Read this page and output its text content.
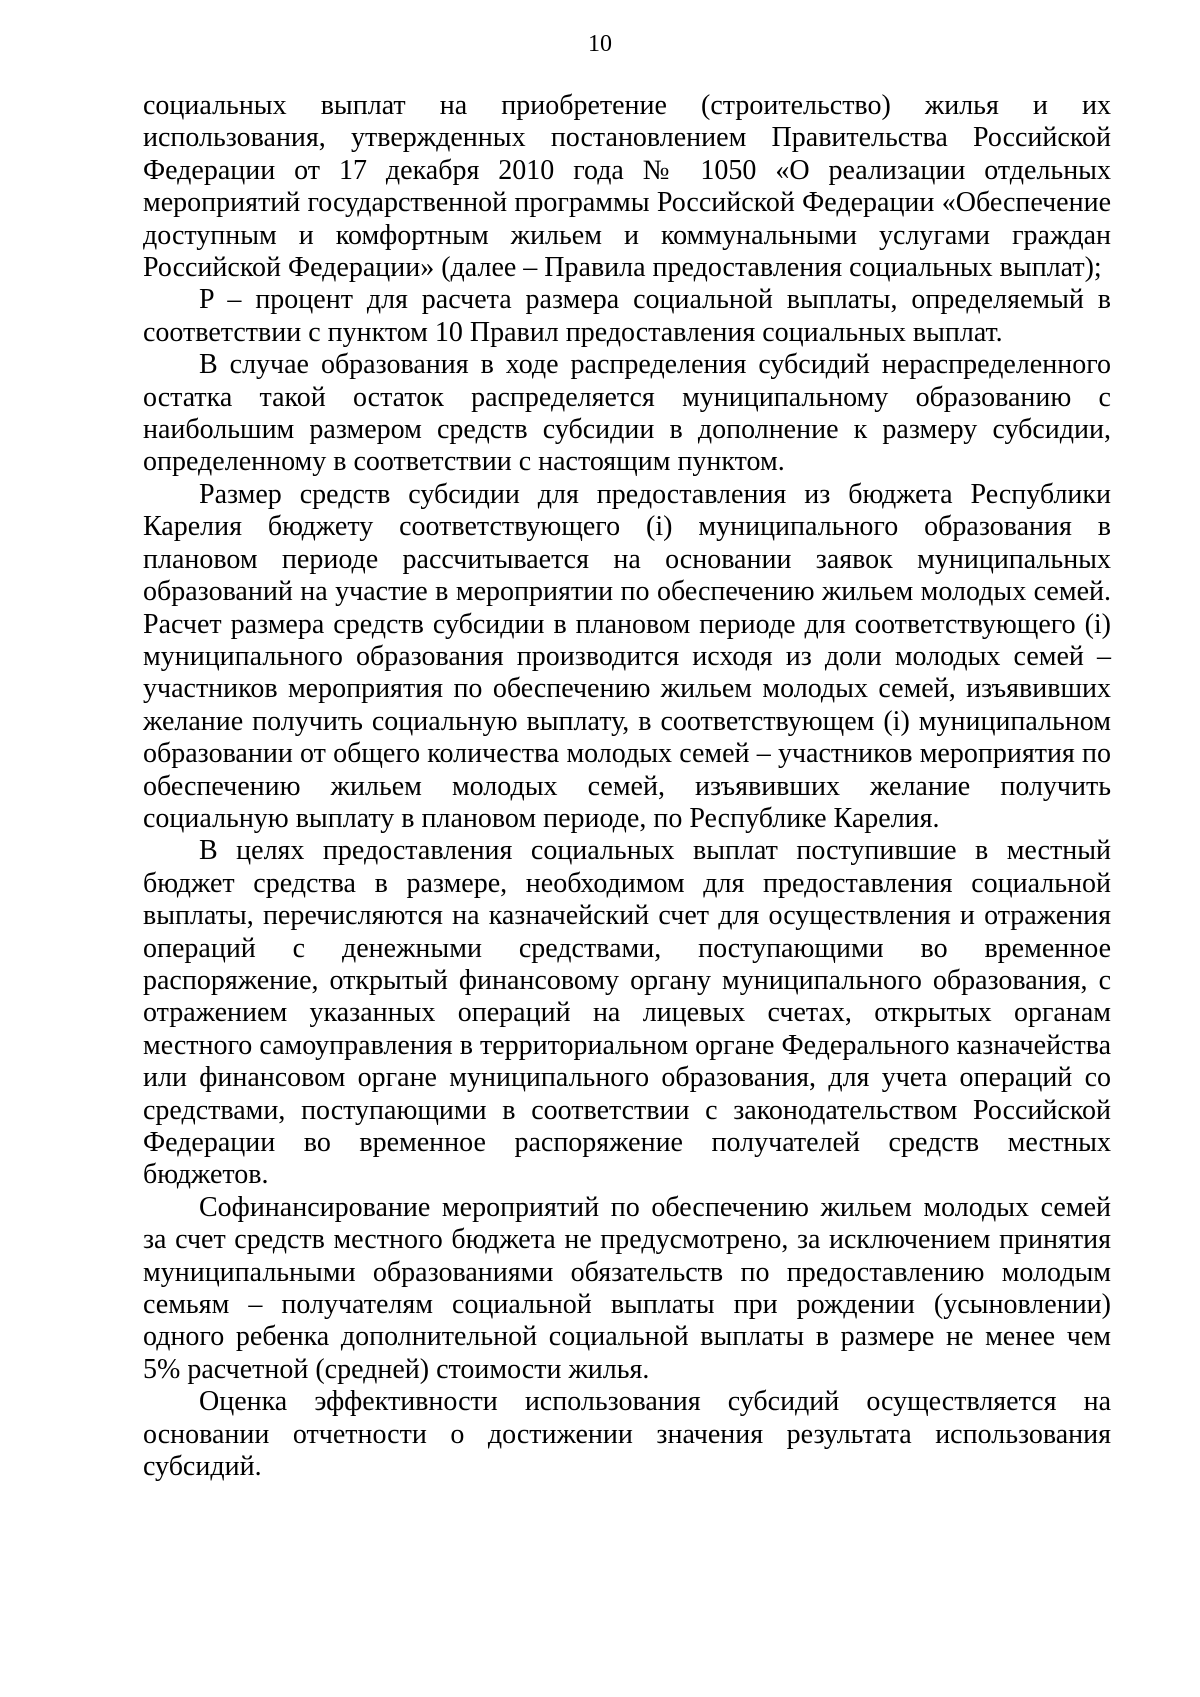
10

социальных выплат на приобретение (строительство) жилья и их использования, утвержденных постановлением Правительства Российской Федерации от 17 декабря 2010 года № 1050 «О реализации отдельных мероприятий государственной программы Российской Федерации «Обеспечение доступным и комфортным жильем и коммунальными услугами граждан Российской Федерации» (далее – Правила предоставления социальных выплат);

P – процент для расчета размера социальной выплаты, определяемый в соответствии с пунктом 10 Правил предоставления социальных выплат.

В случае образования в ходе распределения субсидий нераспределенного остатка такой остаток распределяется муниципальному образованию с наибольшим размером средств субсидии в дополнение к размеру субсидии, определенному в соответствии с настоящим пунктом.

Размер средств субсидии для предоставления из бюджета Республики Карелия бюджету соответствующего (i) муниципального образования в плановом периоде рассчитывается на основании заявок муниципальных образований на участие в мероприятии по обеспечению жильем молодых семей. Расчет размера средств субсидии в плановом периоде для соответствующего (i) муниципального образования производится исходя из доли молодых семей – участников мероприятия по обеспечению жильем молодых семей, изъявивших желание получить социальную выплату, в соответствующем (i) муниципальном образовании от общего количества молодых семей – участников мероприятия по обеспечению жильем молодых семей, изъявивших желание получить социальную выплату в плановом периоде, по Республике Карелия.

В целях предоставления социальных выплат поступившие в местный бюджет средства в размере, необходимом для предоставления социальной выплаты, перечисляются на казначейский счет для осуществления и отражения операций с денежными средствами, поступающими во временное распоряжение, открытый финансовому органу муниципального образования, с отражением указанных операций на лицевых счетах, открытых органам местного самоуправления в территориальном органе Федерального казначейства или финансовом органе муниципального образования, для учета операций со средствами, поступающими в соответствии с законодательством Российской Федерации во временное распоряжение получателей средств местных бюджетов.

Софинансирование мероприятий по обеспечению жильем молодых семей за счет средств местного бюджета не предусмотрено, за исключением принятия муниципальными образованиями обязательств по предоставлению молодым семьям – получателям социальной выплаты при рождении (усыновлении) одного ребенка дополнительной социальной выплаты в размере не менее чем 5% расчетной (средней) стоимости жилья.

Оценка эффективности использования субсидий осуществляется на основании отчетности о достижении значения результата использования субсидий.
